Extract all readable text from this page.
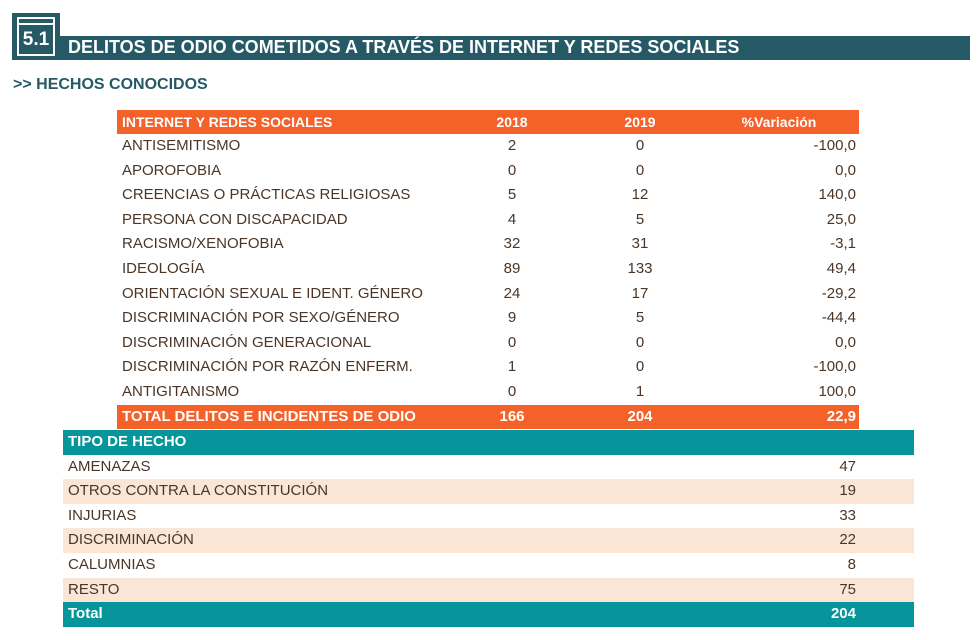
5.1	DELITOS DE ODIO COMETIDOS A TRAVÉS DE INTERNET Y REDES SOCIALES
>> HECHOS CONOCIDOS
INTERNET Y REDES SOCIALES	2018	2019	%Variación
ANTISEMITISMO	2	0	-100,0
APOROFOBIA	0	0	0,0
CREENCIAS O PRÁCTICAS RELIGIOSAS	5	12	140,0
PERSONA CON DISCAPACIDAD	4	5	25,0
RACISMO/XENOFOBIA	32	31	-3,1
IDEOLOGÍA	89	133	49,4
ORIENTACIÓN SEXUAL E IDENT. GÉNERO	24	17	-29,2
DISCRIMINACIÓN POR SEXO/GÉNERO	9	5	-44,4
DISCRIMINACIÓN GENERACIONAL	0	0	0,0
DISCRIMINACIÓN POR RAZÓN ENFERM.	1	0	-100,0
ANTIGITANISMO	0	1	100,0
TOTAL DELITOS E INCIDENTES DE ODIO	166	204	22,9
TIPO DE HECHO
AMENAZAS	47
OTROS CONTRA LA CONSTITUCIÓN	19
INJURIAS	33
DISCRIMINACIÓN	22
CALUMNIAS	8
RESTO	75
Total	204
